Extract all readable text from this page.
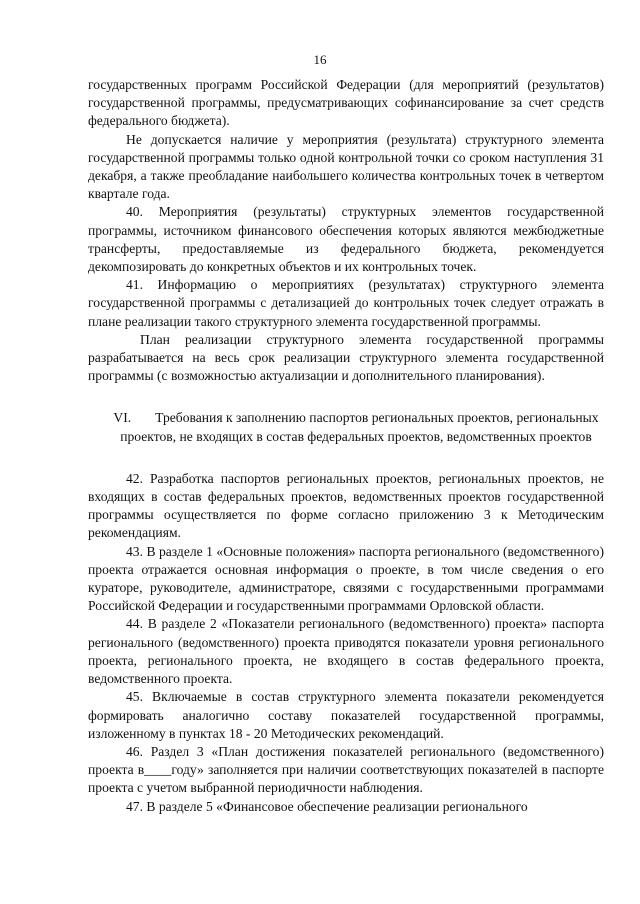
16

государственных программ Российской Федерации (для мероприятий (результатов) государственной программы, предусматривающих софинансирование за счет средств федерального бюджета).

Не допускается наличие у мероприятия (результата) структурного элемента государственной программы только одной контрольной точки со сроком наступления 31 декабря, а также преобладание наибольшего количества контрольных точек в четвертом квартале года.

40. Мероприятия (результаты) структурных элементов государственной программы, источником финансового обеспечения которых являются межбюджетные трансферты, предоставляемые из федерального бюджета, рекомендуется декомпозировать до конкретных объектов и их контрольных точек.

41. Информацию о мероприятиях (результатах) структурного элемента государственной программы с детализацией до контрольных точек следует отражать в плане реализации такого структурного элемента государственной программы.

План реализации структурного элемента государственной программы разрабатывается на весь срок реализации структурного элемента государственной программы (с возможностью актуализации и дополнительного планирования).

VI. Требования к заполнению паспортов региональных проектов, региональных проектов, не входящих в состав федеральных проектов, ведомственных проектов

42. Разработка паспортов региональных проектов, региональных проектов, не входящих в состав федеральных проектов, ведомственных проектов государственной программы осуществляется по форме согласно приложению 3 к Методическим рекомендациям.

43. В разделе 1 «Основные положения» паспорта регионального (ведомственного) проекта отражается основная информация о проекте, в том числе сведения о его кураторе, руководителе, администраторе, связями с государственными программами Российской Федерации и государственными программами Орловской области.

44. В разделе 2 «Показатели регионального (ведомственного) проекта» паспорта регионального (ведомственного) проекта приводятся показатели уровня регионального проекта, регионального проекта, не входящего в состав федерального проекта, ведомственного проекта.

45. Включаемые в состав структурного элемента показатели рекомендуется формировать аналогично составу показателей государственной программы, изложенному в пунктах 18 - 20 Методических рекомендаций.

46. Раздел 3 «План достижения показателей регионального (ведомственного) проекта в____году» заполняется при наличии соответствующих показателей в паспорте проекта с учетом выбранной периодичности наблюдения.

47. В разделе 5 «Финансовое обеспечение реализации регионального
